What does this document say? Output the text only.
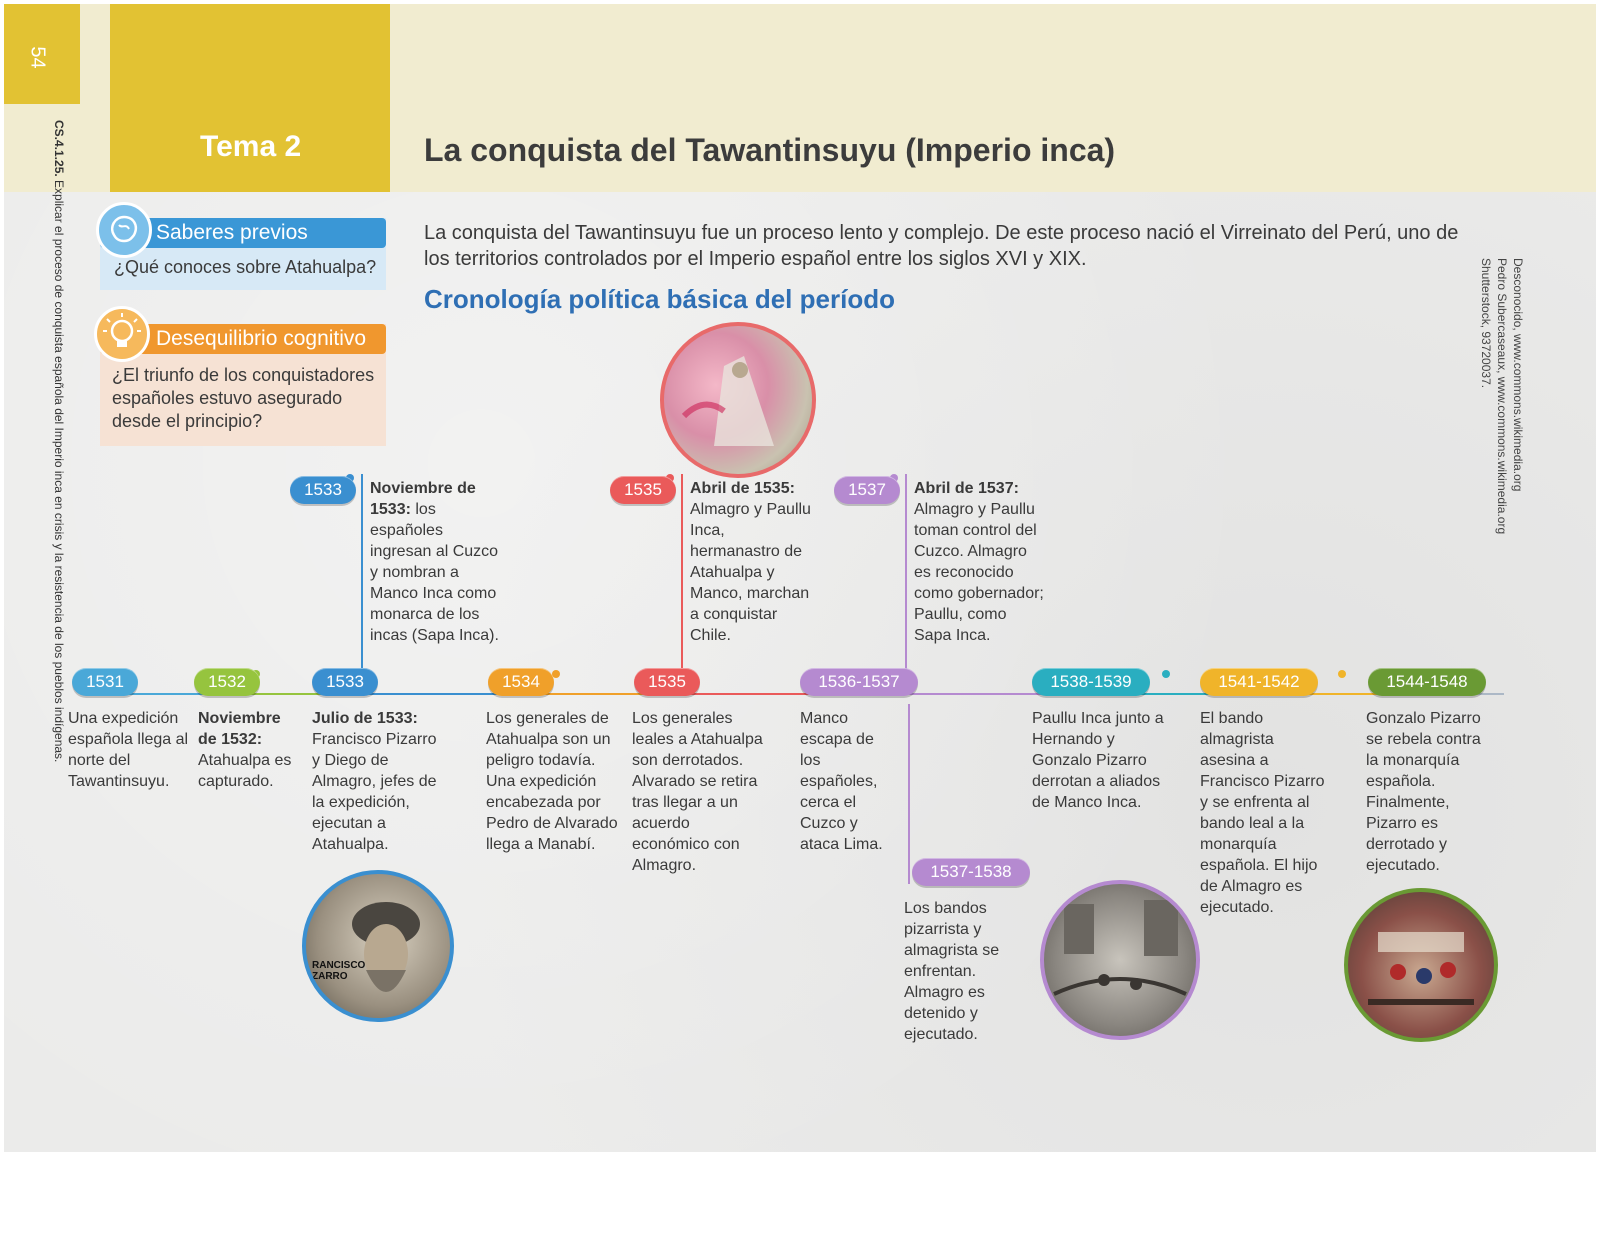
54
CS.4.1.25. Explicar el proceso de conquista española del Imperio inca en crisis y la resistencia de los pueblos indígenas.
Tema 2	La conquista del Tawantinsuyu (Imperio inca)
Desconocido, www.commons.wikimedia.org
Pedro Subercaseaux, www.commons.wikimedia.org
Shutterstock, 93720037.
Saberes previos
¿Qué conoces sobre Atahualpa?
Desequilibrio cognitivo
¿El triunfo de los conquistadores españoles estuvo asegurado desde el principio?
La conquista del Tawantinsuyu fue un proceso lento y complejo. De este proceso nació el Virreinato del Perú, uno de los territorios controlados por el Imperio español entre los siglos XVI y XIX.
Cronología política básica del período
1533	Noviembre de 1533: los españoles ingresan al Cuzco y nombran a Manco Inca como monarca de los incas (Sapa Inca).
1535	Abril de 1535: Almagro y Paullu Inca, hermanastro de Atahualpa y Manco, marchan a conquistar Chile.
1537	Abril de 1537: Almagro y Paullu toman control del Cuzco. Almagro es reconocido como gobernador; Paullu, como Sapa Inca.
1531	1532	1533	1534	1535	1536-1537	1538-1539	1541-1542	1544-1548
Una expedición española llega al norte del Tawantinsuyu.
Noviembre de 1532: Atahualpa es capturado.
Julio de 1533: Francisco Pizarro y Diego de Almagro, jefes de la expedición, ejecutan a Atahualpa.
Los generales de Atahualpa son un peligro todavía. Una expedición encabezada por Pedro de Alvarado llega a Manabí.
Los generales leales a Atahualpa son derrotados. Alvarado se retira tras llegar a un acuerdo económico con Almagro.
Manco escapa de los españoles, cerca el Cuzco y ataca Lima.
Paullu Inca junto a Hernando y Gonzalo Pizarro derrotan a aliados de Manco Inca.
El bando almagrista asesina a Francisco Pizarro y se enfrenta al bando leal a la monarquía española. El hijo de Almagro es ejecutado.
Gonzalo Pizarro se rebela contra la monarquía española. Finalmente, Pizarro es derrotado y ejecutado.
1537-1538
Los bandos pizarrista y almagrista se enfrentan. Almagro es detenido y ejecutado.
RANCISCO
ZARRO
